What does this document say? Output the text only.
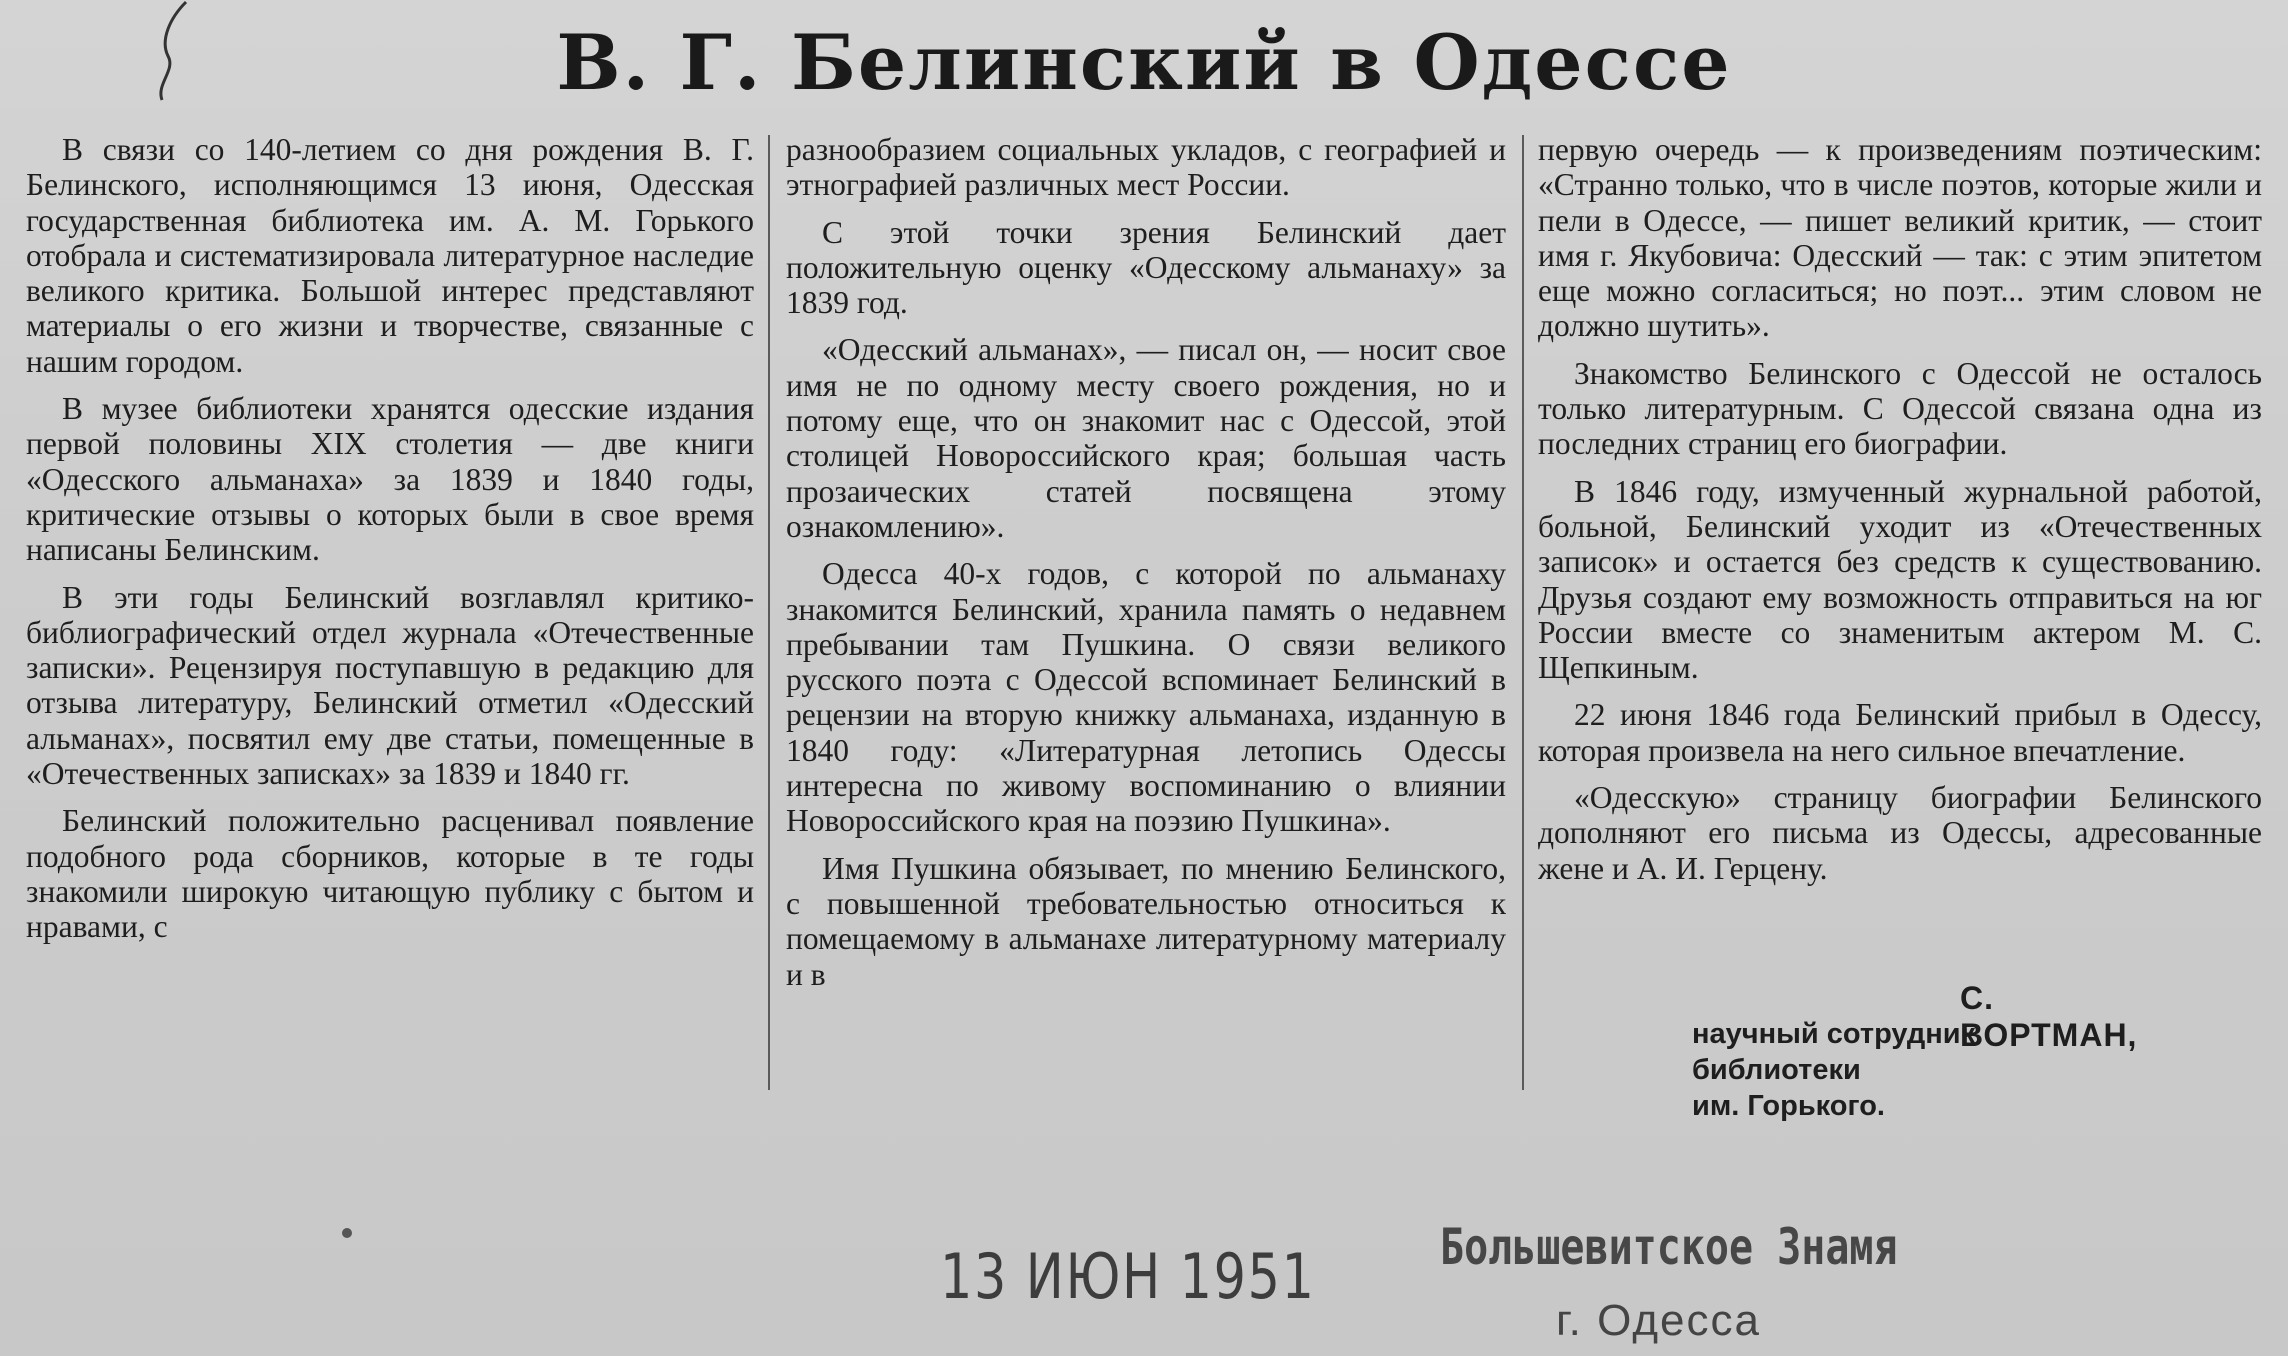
В. Г. Белинский в Одессе

В связи со 140-летием со дня рождения В. Г. Белинского, исполняющимся 13 июня, Одесская государственная библиотека им. А. М. Горького отобрала и систематизировала литературное наследие великого критика. Большой интерес представляют материалы о его жизни и творчестве, связанные с нашим городом.

В музее библиотеки хранятся одесские издания первой половины XIX столетия — две книги «Одесского альманаха» за 1839 и 1840 годы, критические отзывы о которых были в свое время написаны Белинским.

В эти годы Белинский возглавлял критико-библиографический отдел журнала «Отечественные записки». Рецензируя поступавшую в редакцию для отзыва литературу, Белинский отметил «Одесский альманах», посвятил ему две статьи, помещенные в «Отечественных записках» за 1839 и 1840 гг.

Белинский положительно расценивал появление подобного рода сборников, которые в те годы знакомили широкую читающую публику с бытом и нравами, с

разнообразием социальных укладов, с географией и этнографией различных мест России.

С этой точки зрения Белинский дает положительную оценку «Одесскому альманаху» за 1839 год.

«Одесский альманах», — писал он, — носит свое имя не по одному месту своего рождения, но и потому еще, что он знакомит нас с Одессой, этой столицей Новороссийского края; большая часть прозаических статей посвящена этому ознакомлению».

Одесса 40-х годов, с которой по альманаху знакомится Белинский, хранила память о недавнем пребывании там Пушкина. О связи великого русского поэта с Одессой вспоминает Белинский в рецензии на вторую книжку альманаха, изданную в 1840 году: «Литературная летопись Одессы интересна по живому воспоминанию о влиянии Новороссийского края на поэзию Пушкина».

Имя Пушкина обязывает, по мнению Белинского, с повышенной требовательностью относиться к помещаемому в альманахе литературному материалу и в

первую очередь — к произведениям поэтическим: «Странно только, что в числе поэтов, которые жили и пели в Одессе, — пишет великий критик, — стоит имя г. Якубовича: Одесский — так: с этим эпитетом еще можно согласиться; но поэт... этим словом не должно шутить».

Знакомство Белинского с Одессой не осталось только литературным. С Одессой связана одна из последних страниц его биографии.

В 1846 году, измученный журнальной работой, больной, Белинский уходит из «Отечественных записок» и остается без средств к существованию. Друзья создают ему возможность отправиться на юг России вместе со знаменитым актером М. С. Щепкиным.

22 июня 1846 года Белинский прибыл в Одессу, которая произвела на него сильное впечатление.

«Одесскую» страницу биографии Белинского дополняют его письма из Одессы, адресованные жене и А. И. Герцену.

С. ВОРТМАН,
научный сотрудник библиотеки
им. Горького.
13 ИЮН 1951 Большевитское Знамя
г. Одесса
